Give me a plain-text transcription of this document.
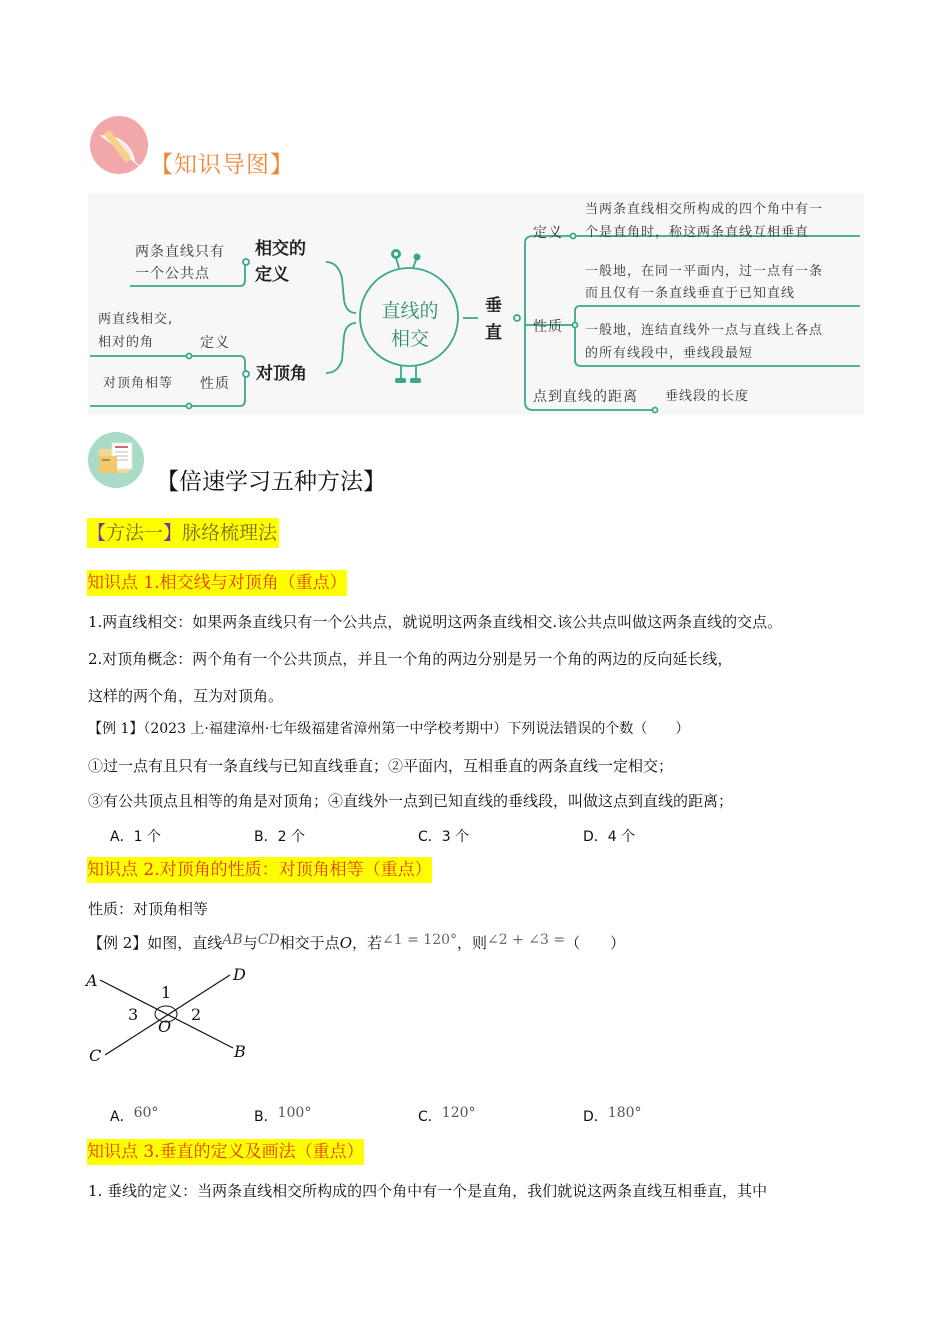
【知识导图】
两条直线只有
一个公共点
相交的
定义
两直线相交,
相对的角	定义
对顶角相等 性质 对顶角
直线的
相交
垂
直
定义
当两条直线相交所构成的四个角中有一
个是直角时，称这两条直线互相垂直
性质
一般地，在同一平面内，过一点有一条
而且仅有一条直线垂直于已知直线
一般地，连结直线外一点与直线上各点
的所有线段中，垂线段最短
点到直线的距离 垂线段的长度
【倍速学习五种方法】
【方法一】脉络梳理法
知识点 1.相交线与对顶角（重点）
1.两直线相交：如果两条直线只有一个公共点，就说明这两条直线相交.该公共点叫做这两条直线的交点。
2.对顶角概念：两个角有一个公共顶点，并且一个角的两边分别是另一个角的两边的反向延长线，
这样的两个角，互为对顶角。
【例 1】（2023 上·福建漳州·七年级福建省漳州第一中学校考期中）下列说法错误的个数（　　）
①过一点有且只有一条直线与已知直线垂直；②平面内，互相垂直的两条直线一定相交；
③有公共顶点且相等的角是对顶角；④直线外一点到已知直线的垂线段，叫做这点到直线的距离；
A．1 个	B．2 个	C．3 个	D．4 个
知识点 2.对顶角的性质：对顶角相等（重点）
性质：对顶角相等
【例 2】如图，直线AB与CD相交于点O，若∠1 = 120°，则∠2 + ∠3 =（　　）
A	D
B
C
O
1
2
3
A．60°	B．100°	C．120°	D．180°
知识点 3.垂直的定义及画法（重点）
1. 垂线的定义：当两条直线相交所构成的四个角中有一个是直角，我们就说这两条直线互相垂直，其中
